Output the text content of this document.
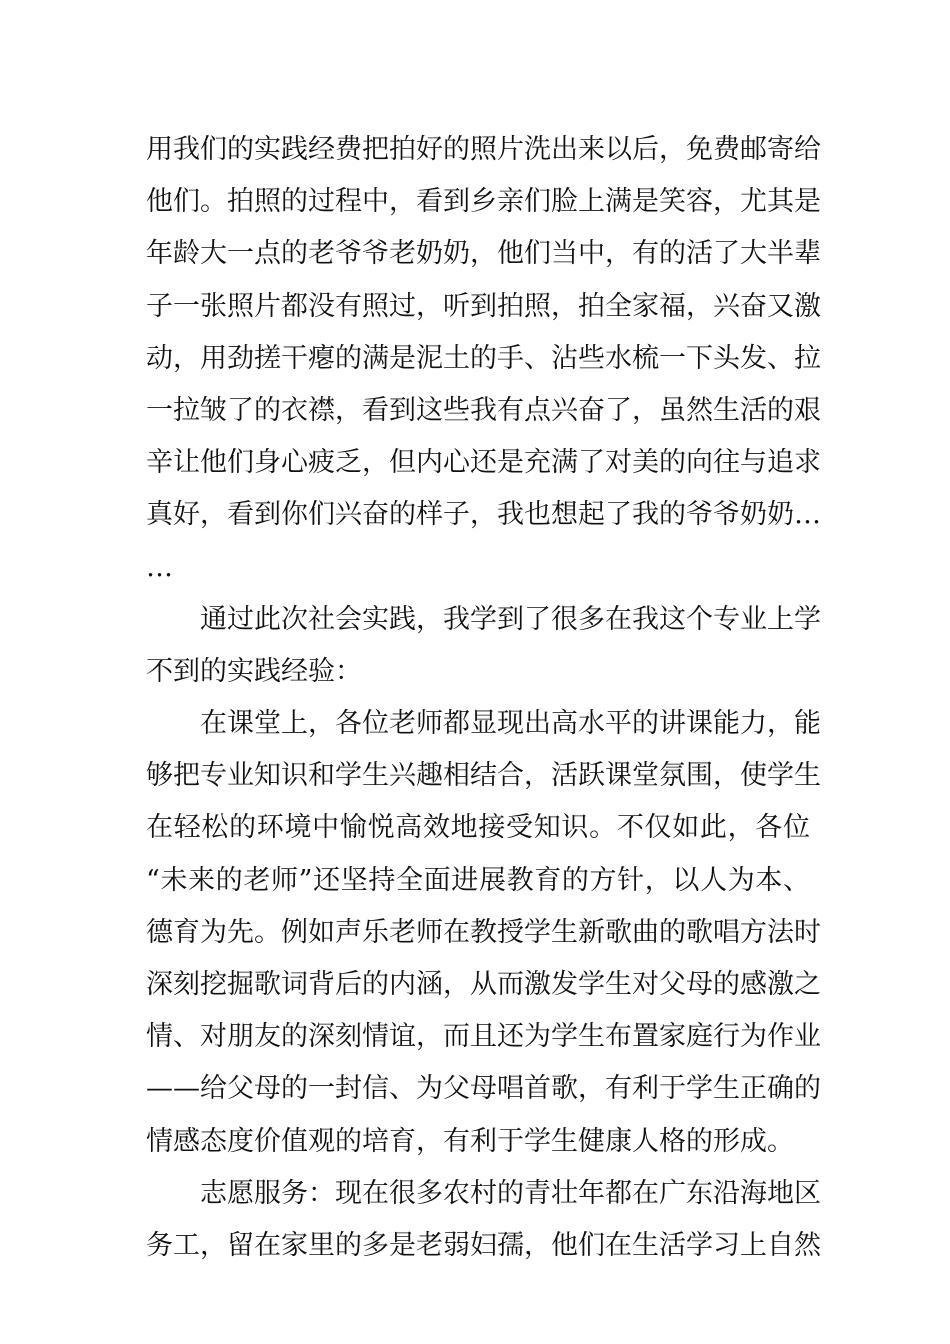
用我们的实践经费把拍好的照片洗出来以后，免费邮寄给
他们。拍照的过程中，看到乡亲们脸上满是笑容，尤其是
年龄大一点的老爷爷老奶奶，他们当中，有的活了大半辈
子一张照片都没有照过，听到拍照，拍全家福，兴奋又激
动，用劲搓干瘪的满是泥土的手、沾些水梳一下头发、拉
一拉皱了的衣襟，看到这些我有点兴奋了，虽然生活的艰
辛让他们身心疲乏，但内心还是充满了对美的向往与追求
真好，看到你们兴奋的样子，我也想起了我的爷爷奶奶…
…
通过此次社会实践，我学到了很多在我这个专业上学
不到的实践经验：
在课堂上，各位老师都显现出高水平的讲课能力，能
够把专业知识和学生兴趣相结合，活跃课堂氛围，使学生
在轻松的环境中愉悦高效地接受知识。不仅如此，各位
“未来的老师”还坚持全面进展教育的方针，以人为本、
德育为先。例如声乐老师在教授学生新歌曲的歌唱方法时
深刻挖掘歌词背后的内涵，从而激发学生对父母的感激之
情、对朋友的深刻情谊，而且还为学生布置家庭行为作业
——给父母的一封信、为父母唱首歌，有利于学生正确的
情感态度价值观的培育，有利于学生健康人格的形成。
志愿服务：现在很多农村的青壮年都在广东沿海地区
务工，留在家里的多是老弱妇孺，他们在生活学习上自然
